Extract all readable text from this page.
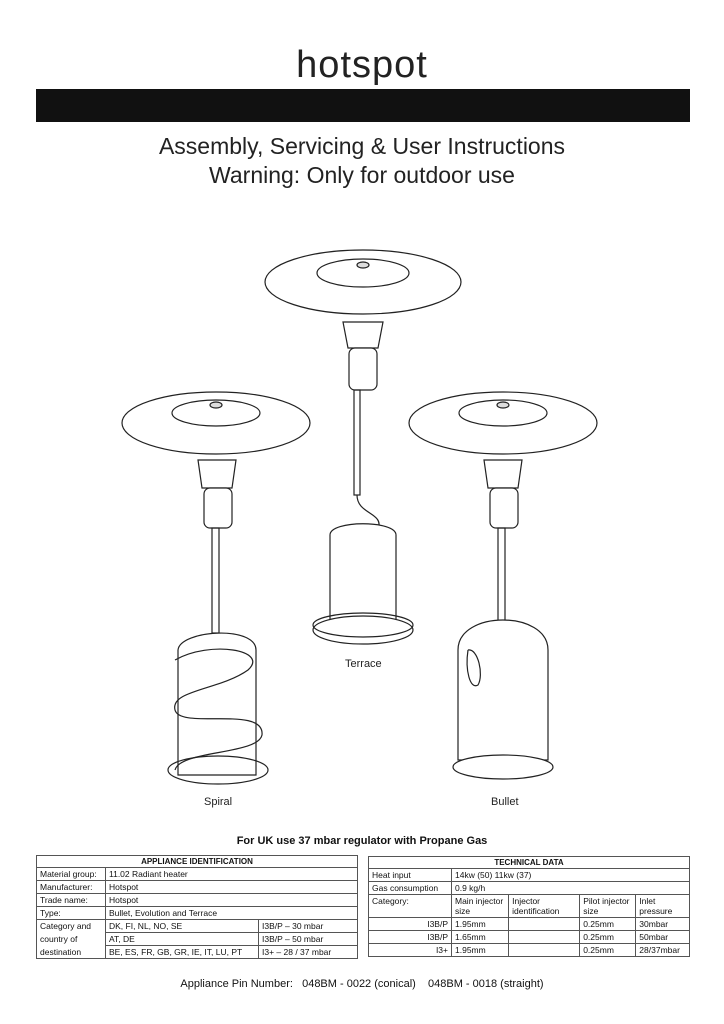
hotspot
Assembly, Servicing & User Instructions
Warning: Only for outdoor use
Terrace
Spiral	Bullet
For UK use 37 mbar regulator with Propane Gas
APPLIANCE IDENTIFICATION		
Material group:	11.02 Radiant heater	
Manufacturer:	Hotspot	
Trade name:	Hotspot	
Type:	Bullet, Evolution and Terrace	
Category and	DK, FI, NL, NO, SE	I3B/P – 30 mbar
country of	AT, DE	I3B/P – 50 mbar
destination	BE, ES, FR, GB, GR, IE, IT, LU, PT	I3+ – 28 / 37 mbar
TECHNICAL DATA				
Heat input	14kw (50) 11kw (37)			
Gas consumption	0.9 kg/h			
Category:	Main injector size	Injector identification	Pilot injector size	Inlet pressure
I3B/P	1.95mm		0.25mm	30mbar
I3B/P	1.65mm		0.25mm	50mbar
I3+	1.95mm		0.25mm	28/37mbar
Appliance Pin Number:   048BM - 0022 (conical)    048BM - 0018 (straight)
